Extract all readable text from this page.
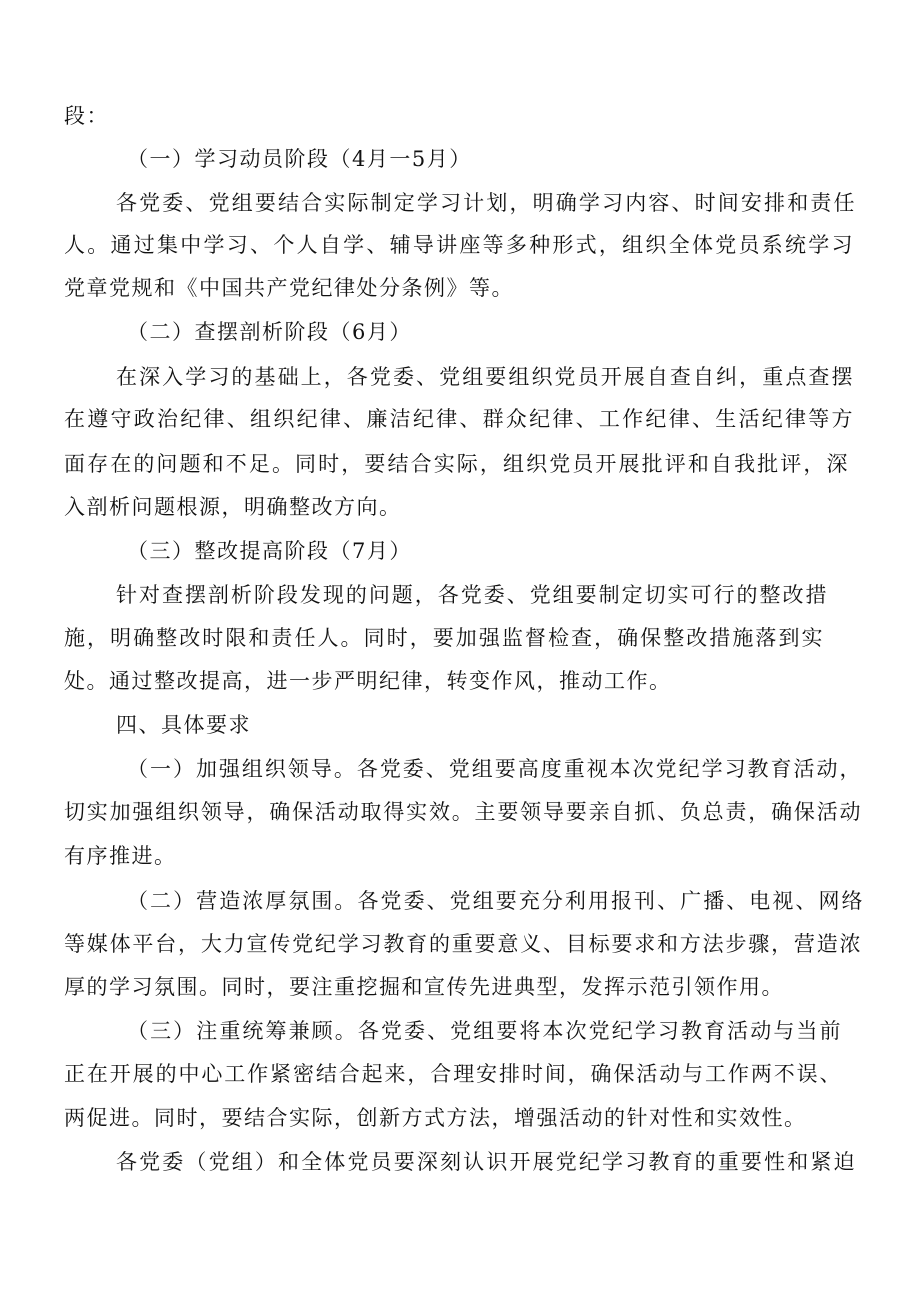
段：
（一）学习动员阶段（4月一5月）
各党委、党组要结合实际制定学习计划，明确学习内容、时间安排和责任
人。通过集中学习、个人自学、辅导讲座等多种形式，组织全体党员系统学习
党章党规和《中国共产党纪律处分条例》等。
（二）查摆剖析阶段（6月）
在深入学习的基础上，各党委、党组要组织党员开展自查自纠，重点查摆
在遵守政治纪律、组织纪律、廉洁纪律、群众纪律、工作纪律、生活纪律等方
面存在的问题和不足。同时，要结合实际，组织党员开展批评和自我批评，深
入剖析问题根源，明确整改方向。
（三）整改提高阶段（7月）
针对查摆剖析阶段发现的问题，各党委、党组要制定切实可行的整改措
施，明确整改时限和责任人。同时，要加强监督检查，确保整改措施落到实
处。通过整改提高，进一步严明纪律，转变作风，推动工作。
四、具体要求
（一）加强组织领导。各党委、党组要高度重视本次党纪学习教育活动，
切实加强组织领导，确保活动取得实效。主要领导要亲自抓、负总责，确保活动
有序推进。
（二）营造浓厚氛围。各党委、党组要充分利用报刊、广播、电视、网络
等媒体平台，大力宣传党纪学习教育的重要意义、目标要求和方法步骤，营造浓
厚的学习氛围。同时，要注重挖掘和宣传先进典型，发挥示范引领作用。
（三）注重统筹兼顾。各党委、党组要将本次党纪学习教育活动与当前
正在开展的中心工作紧密结合起来，合理安排时间，确保活动与工作两不误、
两促进。同时，要结合实际，创新方式方法，增强活动的针对性和实效性。
各党委（党组）和全体党员要深刻认识开展党纪学习教育的重要性和紧迫
